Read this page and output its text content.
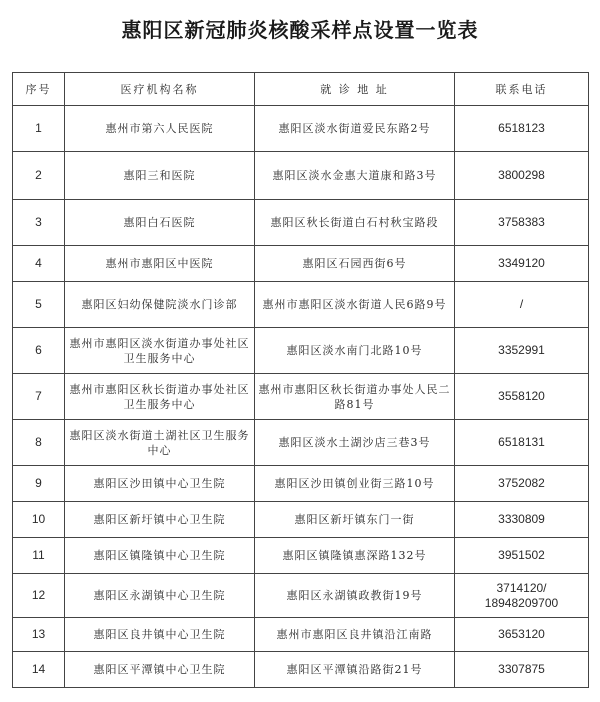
惠阳区新冠肺炎核酸采样点设置一览表
序号	医疗机构名称	就 诊 地 址	联系电话
1	惠州市第六人民医院	惠阳区淡水街道爱民东路2号	6518123
2	惠阳三和医院	惠阳区淡水金惠大道康和路3号	3800298
3	惠阳白石医院	惠阳区秋长街道白石村秋宝路段	3758383
4	惠州市惠阳区中医院	惠阳区石园西街6号	3349120
5	惠阳区妇幼保健院淡水门诊部	惠州市惠阳区淡水街道人民6路9号	/
6	惠州市惠阳区淡水街道办事处社区卫生服务中心	惠阳区淡水南门北路10号	3352991
7	惠州市惠阳区秋长街道办事处社区卫生服务中心	惠州市惠阳区秋长街道办事处人民二路81号	3558120
8	惠阳区淡水街道土湖社区卫生服务中心	惠阳区淡水土湖沙店三巷3号	6518131
9	惠阳区沙田镇中心卫生院	惠阳区沙田镇创业街三路10号	3752082
10	惠阳区新圩镇中心卫生院	惠阳区新圩镇东门一街	3330809
11	惠阳区镇隆镇中心卫生院	惠阳区镇隆镇惠深路132号	3951502
12	惠阳区永湖镇中心卫生院	惠阳区永湖镇政教街19号	3714120/
18948209700

13	惠阳区良井镇中心卫生院	惠州市惠阳区良井镇沿江南路	3653120
14	惠阳区平潭镇中心卫生院	惠阳区平潭镇沿路街21号	3307875
